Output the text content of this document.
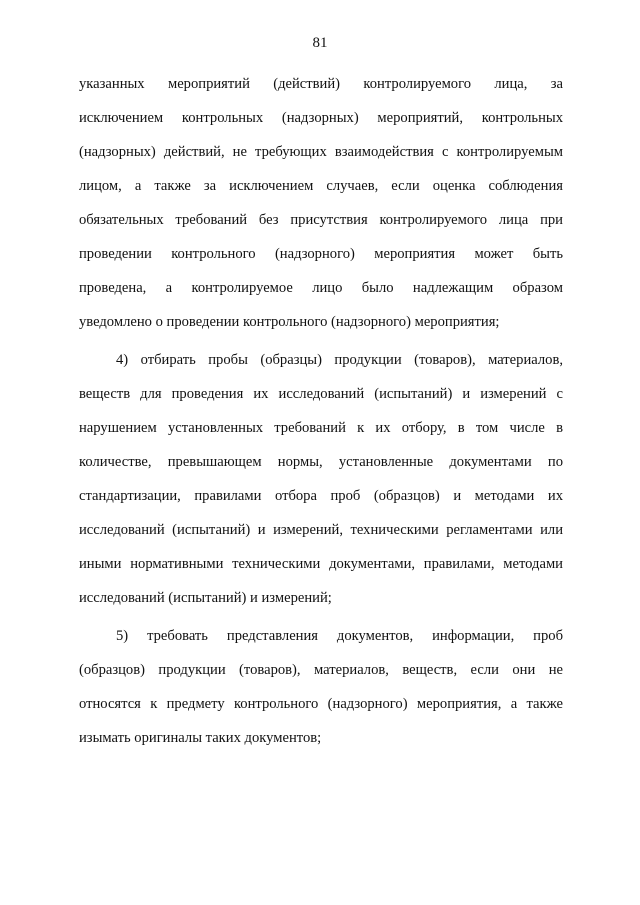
81
указанных мероприятий (действий) контролируемого лица, за
исключением контрольных (надзорных) мероприятий, контрольных
(надзорных) действий, не требующих взаимодействия с контролируемым
лицом, а также за исключением случаев, если оценка соблюдения
обязательных требований без присутствия контролируемого лица при
проведении контрольного (надзорного) мероприятия может быть
проведена, а контролируемое лицо было надлежащим образом
уведомлено о проведении контрольного (надзорного) мероприятия;
4) отбирать пробы (образцы) продукции (товаров), материалов,
веществ для проведения их исследований (испытаний) и измерений с
нарушением установленных требований к их отбору, в том числе в
количестве, превышающем нормы, установленные документами по
стандартизации, правилами отбора проб (образцов) и методами их
исследований (испытаний) и измерений, техническими регламентами или
иными нормативными техническими документами, правилами, методами
исследований (испытаний) и измерений;
5) требовать представления документов, информации, проб
(образцов) продукции (товаров), материалов, веществ, если они не
относятся к предмету контрольного (надзорного) мероприятия, а также
изымать оригиналы таких документов;
